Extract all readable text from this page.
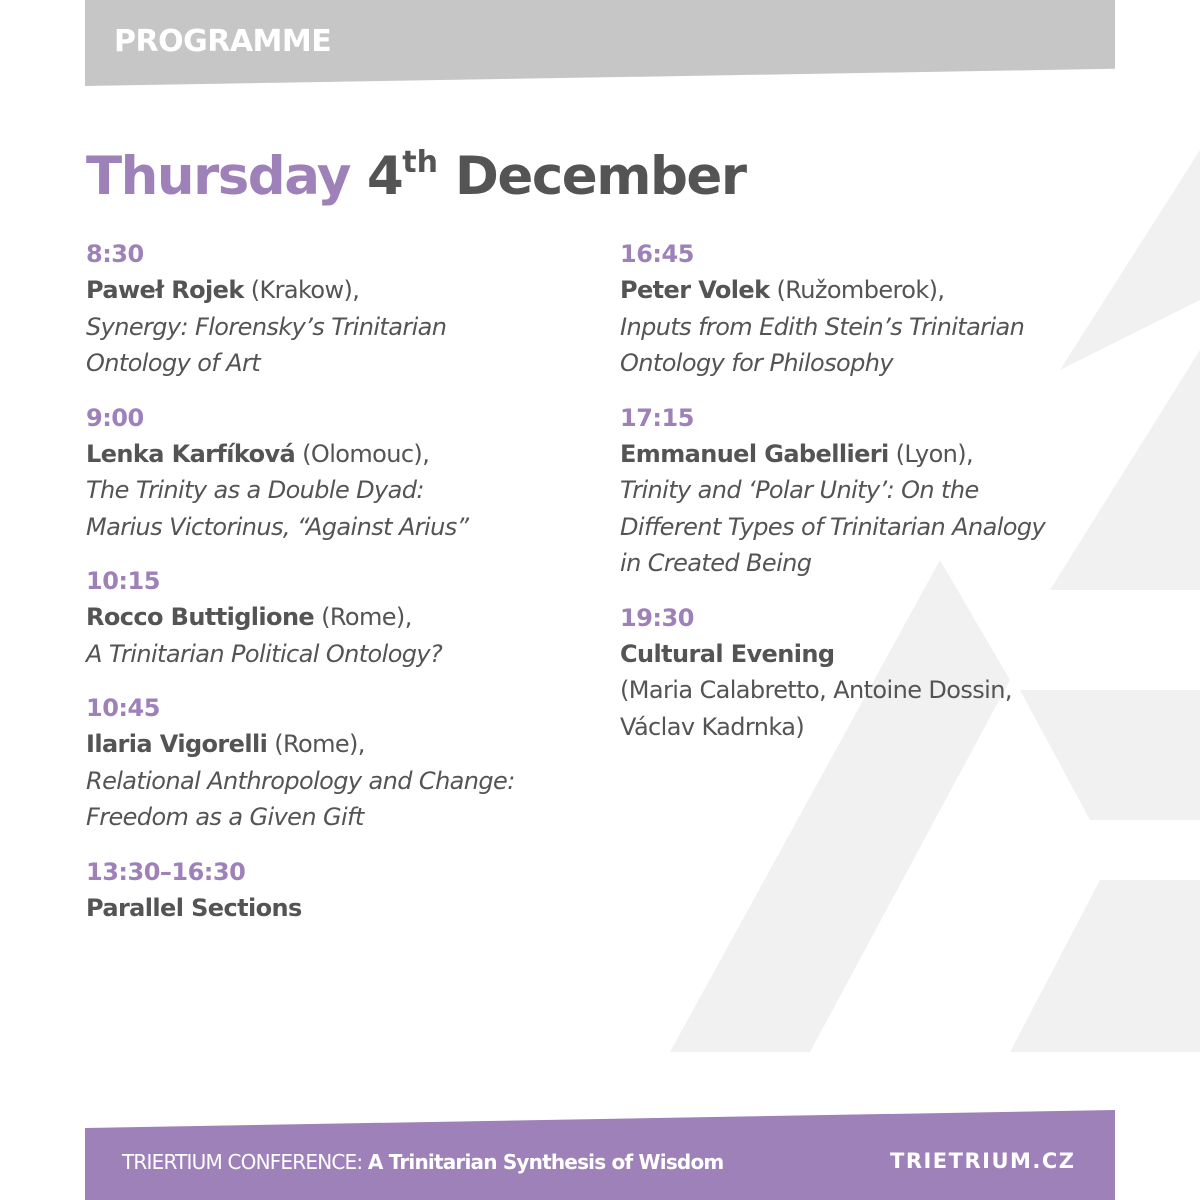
PROGRAMME
Thursday 4th December
8:30
Paweł Rojek (Krakow),
Synergy: Florensky’s Trinitarian
Ontology of Art
9:00
Lenka Karfíková (Olomouc),
The Trinity as a Double Dyad:
Marius Victorinus, “Against Arius”
10:15
Rocco Buttiglione (Rome),
A Trinitarian Political Ontology?
10:45
Ilaria Vigorelli (Rome),
Relational Anthropology and Change:
Freedom as a Given Gift
13:30–16:30
Parallel Sections
16:45
Peter Volek (Ružomberok),
Inputs from Edith Stein’s Trinitarian
Ontology for Philosophy
17:15
Emmanuel Gabellieri (Lyon),
Trinity and ‘Polar Unity’: On the
Different Types of Trinitarian Analogy
in Created Being
19:30
Cultural Evening
(Maria Calabretto, Antoine Dossin,
Václav Kadrnka)
TRIERTIUM CONFERENCE: A Trinitarian Synthesis of Wisdom	TRIETRIUM.CZ
